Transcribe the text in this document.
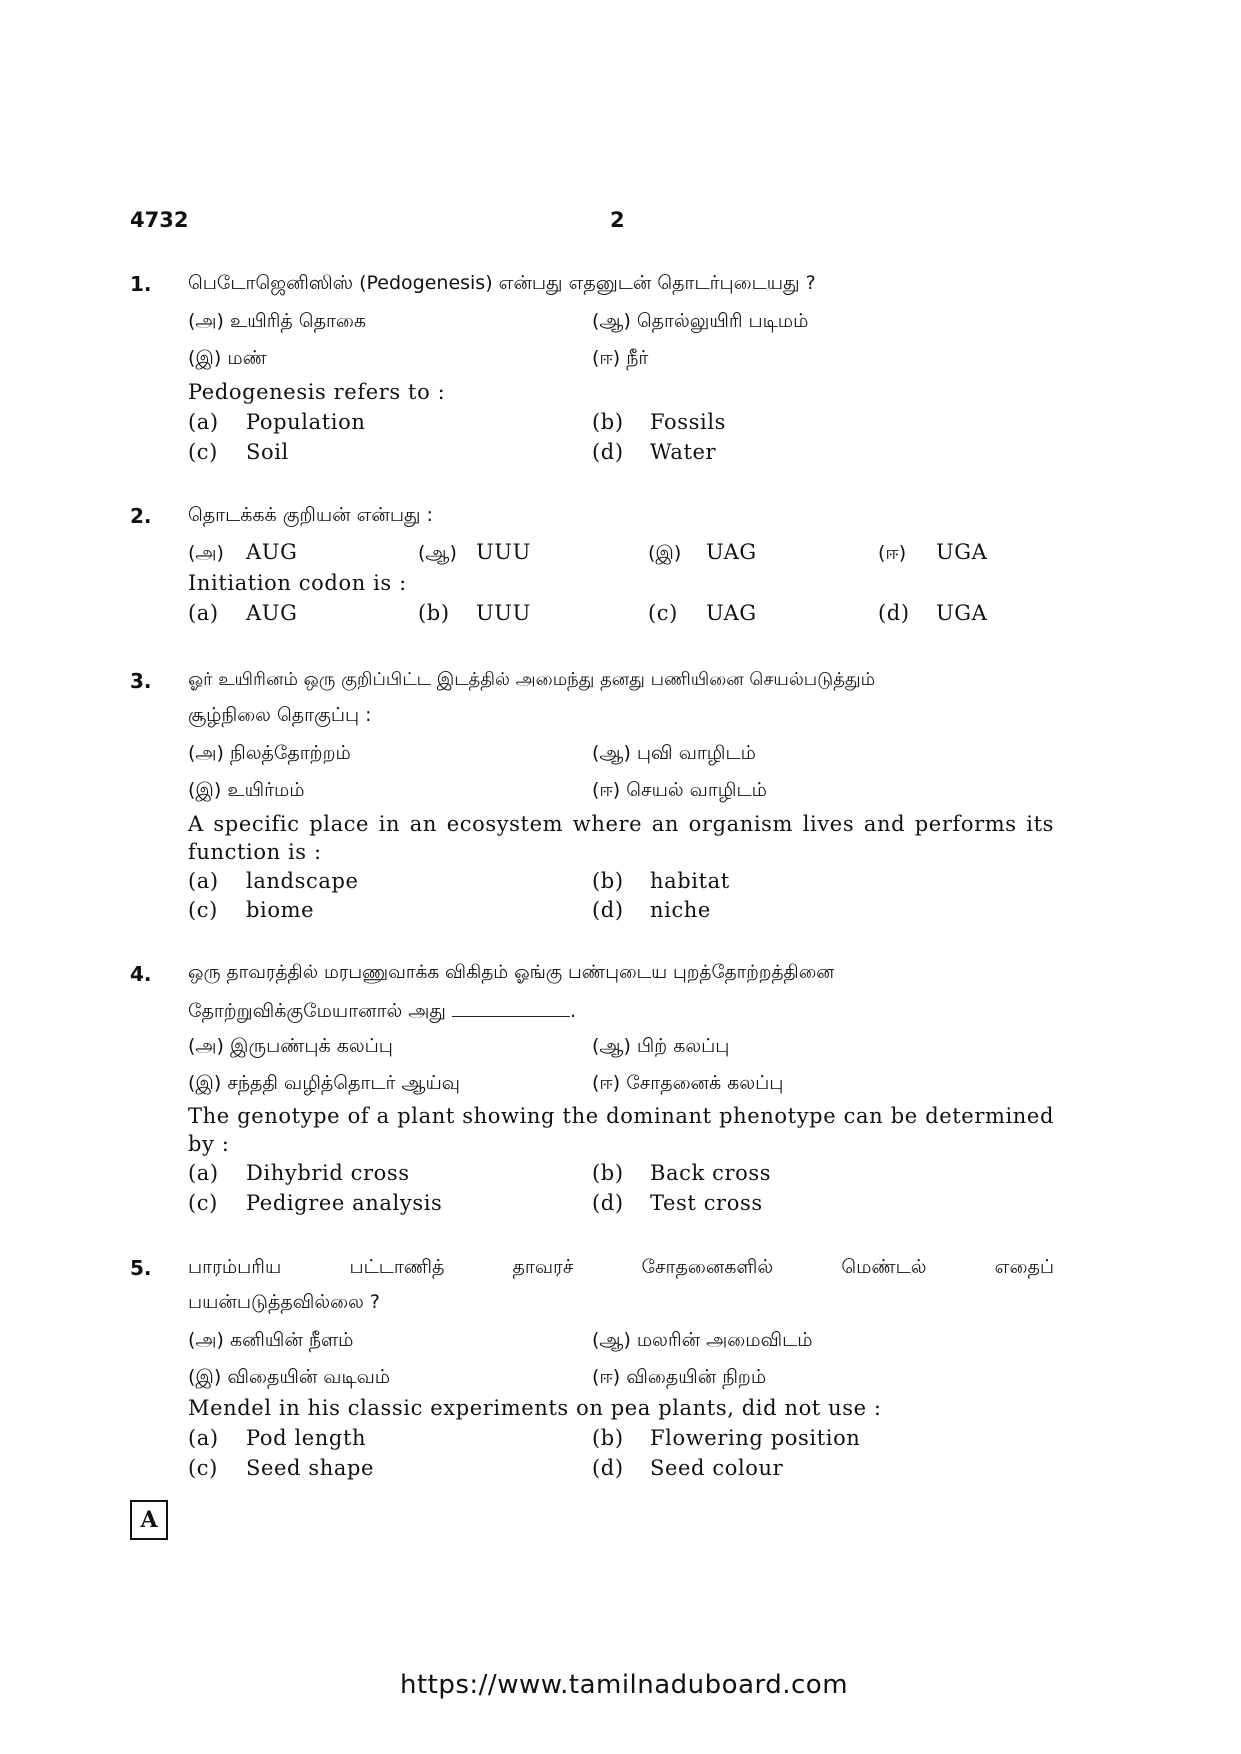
4732	2
1. பெடோஜெனிஸிஸ் (Pedogenesis) என்பது எதனுடன் தொடர்புடையது ?
(அ) உயிரித் தொகை	(ஆ) தொல்லுயிரி படிமம்
(இ) மண்	(ஈ) நீர்
Pedogenesis refers to :
(a) Population	(b) Fossils
(c) Soil	(d) Water
2. தொடக்கக் குறியன் என்பது :
(அ) AUG	(ஆ) UUU	(இ) UAG	(ஈ) UGA
Initiation codon is :
(a) AUG	(b) UUU	(c) UAG	(d) UGA
3. ஓர் உயிரினம் ஒரு குறிப்பிட்ட இடத்தில் அமைந்து தனது பணியினை செயல்படுத்தும்
சூழ்நிலை தொகுப்பு :
(அ) நிலத்தோற்றம்	(ஆ) புவி வாழிடம்
(இ) உயிர்மம்	(ஈ) செயல் வாழிடம்
A specific place in an ecosystem where an organism lives and performs its function is :
(a) landscape	(b) habitat
(c) biome	(d) niche
4. ஒரு தாவரத்தில் மரபணுவாக்க விகிதம் ஓங்கு பண்புடைய புறத்தோற்றத்தினை
தோற்றுவிக்குமேயானால் அது	.
(அ) இருபண்புக் கலப்பு	(ஆ) பிற் கலப்பு
(இ) சந்ததி வழித்தொடர் ஆய்வு	(ஈ) சோதனைக் கலப்பு
The genotype of a plant showing the dominant phenotype can be determined by :
(a) Dihybrid cross	(b) Back cross
(c) Pedigree analysis	(d) Test cross
5. பாரம்பரிய பட்டாணித் தாவரச் சோதனைகளில் மெண்டல் எதைப்
பயன்படுத்தவில்லை ?
(அ) கனியின் நீளம்	(ஆ) மலரின் அமைவிடம்
(இ) விதையின் வடிவம்	(ஈ) விதையின் நிறம்
Mendel in his classic experiments on pea plants, did not use :
(a) Pod length	(b) Flowering position
(c) Seed shape	(d) Seed colour
A
https://www.tamilnaduboard.com
